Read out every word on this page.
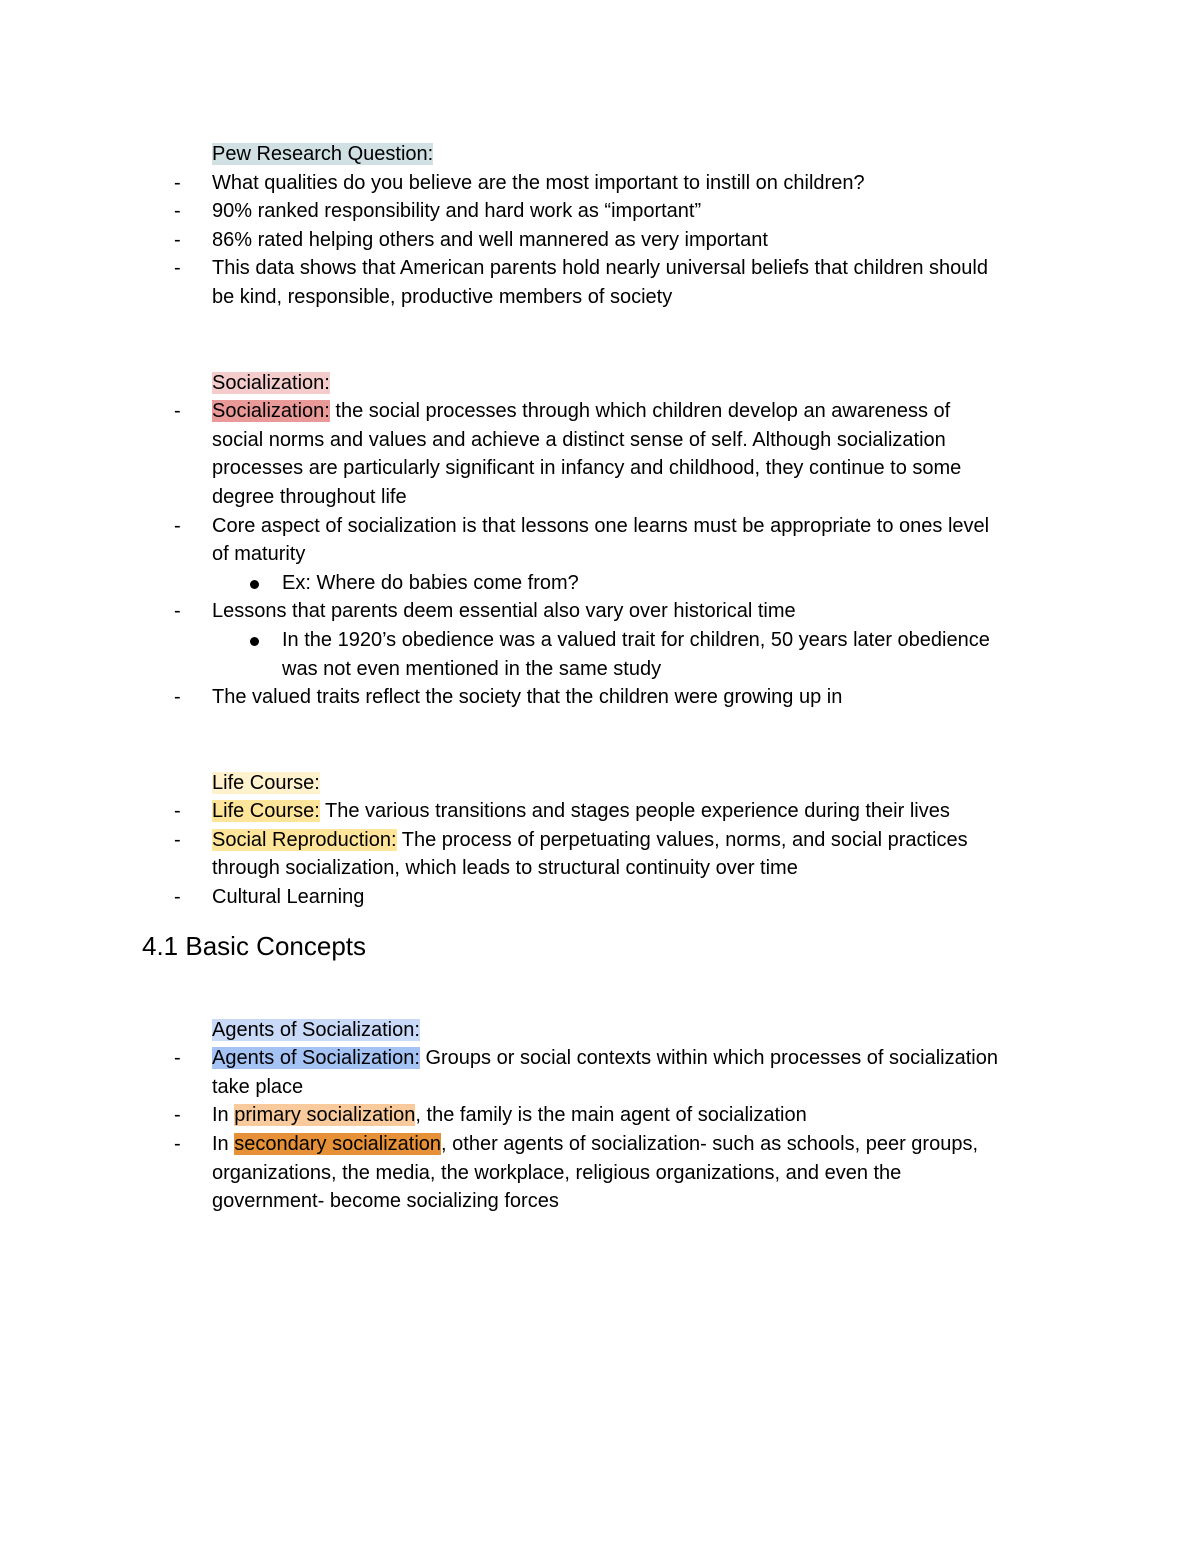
Pew Research Question:
- What qualities do you believe are the most important to instill on children?
- 90% ranked responsibility and hard work as “important”
- 86% rated helping others and well mannered as very important
- This data shows that American parents hold nearly universal beliefs that children should
be kind, responsible, productive members of society
Socialization:
- Socialization: the social processes through which children develop an awareness of
social norms and values and achieve a distinct sense of self. Although socialization
processes are particularly significant in infancy and childhood, they continue to some
degree throughout life
- Core aspect of socialization is that lessons one learns must be appropriate to ones level
of maturity
Ex: Where do babies come from?
- Lessons that parents deem essential also vary over historical time
In the 1920’s obedience was a valued trait for children, 50 years later obedience
was not even mentioned in the same study
- The valued traits reflect the society that the children were growing up in
Life Course:
- Life Course: The various transitions and stages people experience during their lives
- Social Reproduction: The process of perpetuating values, norms, and social practices
through socialization, which leads to structural continuity over time
- Cultural Learning
4.1 Basic Concepts
Agents of Socialization:
- Agents of Socialization: Groups or social contexts within which processes of socialization
take place
- In primary socialization, the family is the main agent of socialization
- In secondary socialization, other agents of socialization- such as schools, peer groups,
organizations, the media, the workplace, religious organizations, and even the
government- become socializing forces
